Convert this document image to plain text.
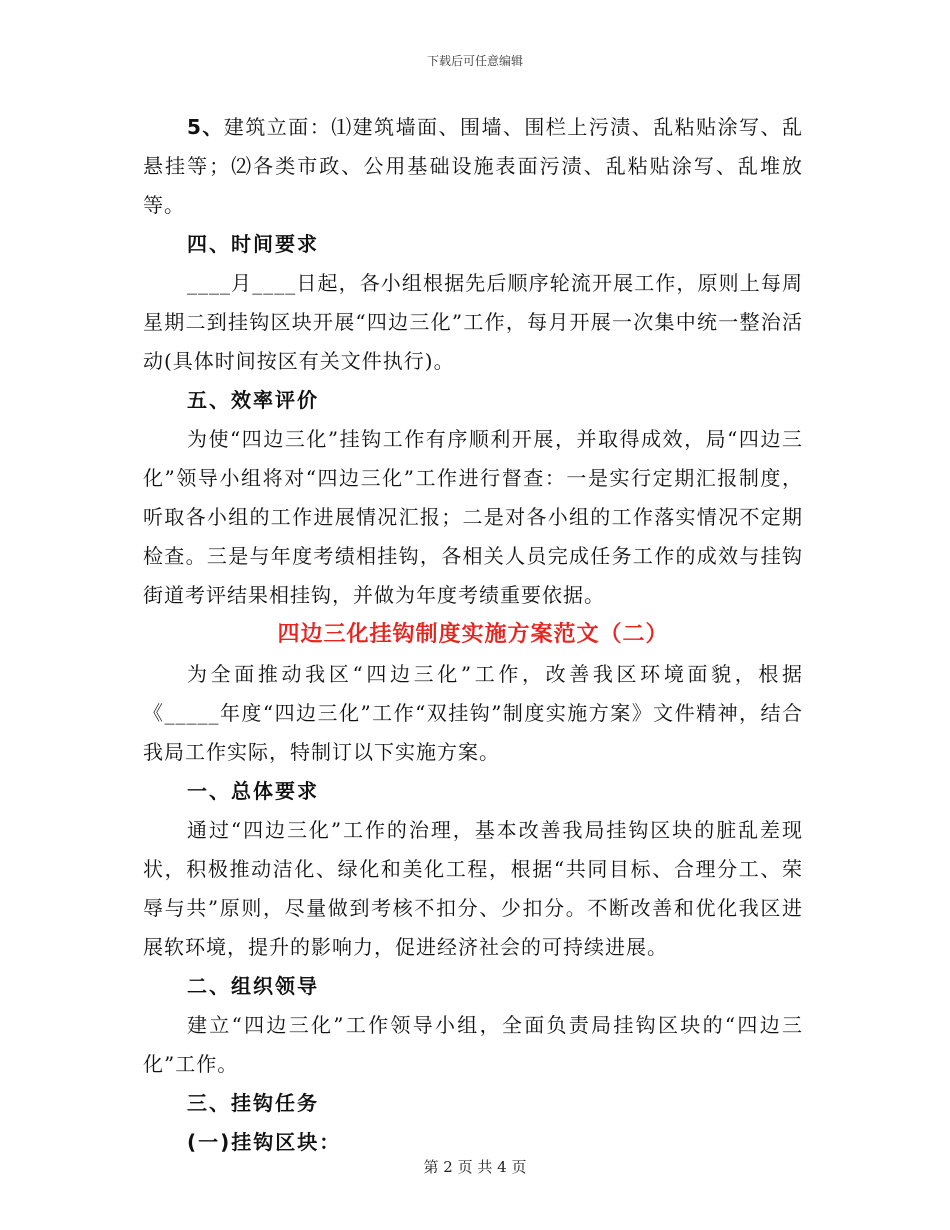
下载后可任意编辑

5、建筑立面：⑴建筑墙面、围墙、围栏上污渍、乱粘贴涂写、乱悬挂等；⑵各类市政、公用基础设施表面污渍、乱粘贴涂写、乱堆放等。

四、时间要求

____月____日起，各小组根据先后顺序轮流开展工作，原则上每周星期二到挂钩区块开展“四边三化”工作，每月开展一次集中统一整治活动(具体时间按区有关文件执行)。

五、效率评价

为使“四边三化”挂钩工作有序顺利开展，并取得成效，局“四边三化”领导小组将对“四边三化”工作进行督查：一是实行定期汇报制度，听取各小组的工作进展情况汇报；二是对各小组的工作落实情况不定期检查。三是与年度考绩相挂钩，各相关人员完成任务工作的成效与挂钩街道考评结果相挂钩，并做为年度考绩重要依据。

四边三化挂钩制度实施方案范文（二）

为全面推动我区“四边三化”工作，改善我区环境面貌，根据《_____年度“四边三化”工作“双挂钩”制度实施方案》文件精神，结合我局工作实际，特制订以下实施方案。

一、总体要求

通过“四边三化”工作的治理，基本改善我局挂钩区块的脏乱差现状，积极推动洁化、绿化和美化工程，根据“共同目标、合理分工、荣辱与共”原则，尽量做到考核不扣分、少扣分。不断改善和优化我区进展软环境，提升的影响力，促进经济社会的可持续进展。

二、组织领导

建立“四边三化”工作领导小组，全面负责局挂钩区块的“四边三化”工作。

三、挂钩任务

(一)挂钩区块：

第 2 页 共 4 页
